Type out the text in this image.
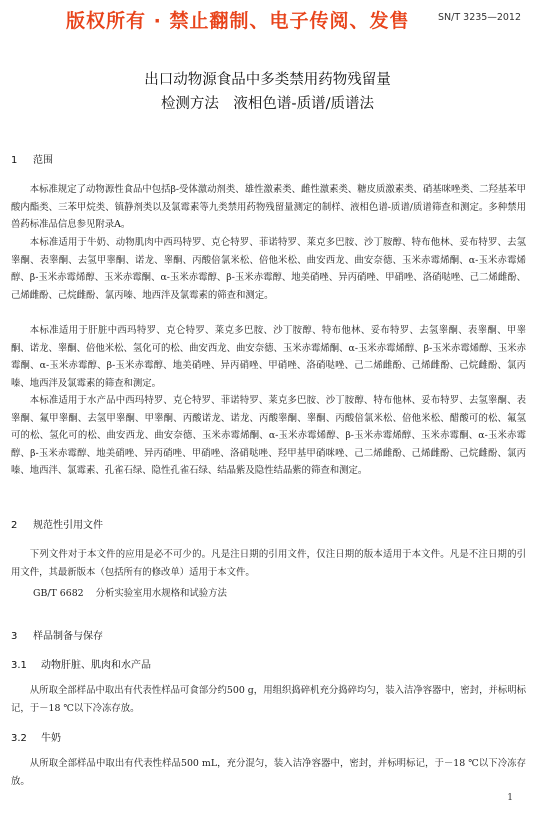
SN/T 3235—2012
版权所有 · 禁止翻制、电子传阅、发售
出口动物源食品中多类禁用药物残留量
检测方法　液相色谱-质谱/质谱法
1 范围

本标准规定了动物源性食品中包括β-受体激动剂类、雄性激素类、雌性激素类、糖皮质激素类、硝基咪唑类、二羟基苯甲酸内酯类、三苯甲烷类、镇静剂类以及氯霉素等九类禁用药物残留量测定的制样、液相色谱-质谱/质谱筛查和测定。多种禁用兽药标准品信息参见附录A。

本标准适用于牛奶、动物肌肉中西玛特罗、克仑特罗、菲诺特罗、莱克多巴胺、沙丁胺醇、特布他林、妥布特罗、去氢睾酮、表睾酮、去氢甲睾酮、诺龙、睾酮、丙酸倍氯米松、倍他米松、曲安西龙、曲安奈德、玉米赤霉烯酮、α-玉米赤霉烯醇、β-玉米赤霉烯醇、玉米赤霉酮、α-玉米赤霉醇、β-玉米赤霉醇、地美硝唑、异丙硝唑、甲硝唑、洛硝哒唑、己二烯雌酚、己烯雌酚、己烷雌酚、氯丙嗪、地西泮及氯霉素的筛查和测定。

本标准适用于肝脏中西玛特罗、克仑特罗、莱克多巴胺、沙丁胺醇、特布他林、妥布特罗、去氢睾酮、表睾酮、甲睾酮、诺龙、睾酮、倍他米松、氢化可的松、曲安西龙、曲安奈德、玉米赤霉烯酮、α-玉米赤霉烯醇、β-玉米赤霉烯醇、玉米赤霉酮、α-玉米赤霉醇、β-玉米赤霉醇、地美硝唑、异丙硝唑、甲硝唑、洛硝哒唑、己二烯雌酚、己烯雌酚、己烷雌酚、氯丙嗪、地西泮及氯霉素的筛查和测定。

本标准适用于水产品中西玛特罗、克仑特罗、菲诺特罗、莱克多巴胺、沙丁胺醇、特布他林、妥布特罗、去氢睾酮、表睾酮、氟甲睾酮、去氢甲睾酮、甲睾酮、丙酸诺龙、诺龙、丙酸睾酮、睾酮、丙酸倍氯米松、倍他米松、醋酸可的松、氟氢可的松、氢化可的松、曲安西龙、曲安奈德、玉米赤霉烯酮、α-玉米赤霉烯醇、β-玉米赤霉烯醇、玉米赤霉酮、α-玉米赤霉醇、β-玉米赤霉醇、地美硝唑、异丙硝唑、甲硝唑、洛硝哒唑、羟甲基甲硝咪唑、己二烯雌酚、己烯雌酚、己烷雌酚、氯丙嗪、地西泮、氯霉素、孔雀石绿、隐性孔雀石绿、结晶紫及隐性结晶紫的筛查和测定。

2 规范性引用文件

下列文件对于本文件的应用是必不可少的。凡是注日期的引用文件，仅注日期的版本适用于本文件。凡是不注日期的引用文件，其最新版本（包括所有的修改单）适用于本文件。

GB/T 6682 分析实验室用水规格和试验方法
3 样品制备与保存
3.1 动物肝脏、肌肉和水产品

从所取全部样品中取出有代表性样品可食部分约500 g，用组织捣碎机充分捣碎均匀，装入洁净容器中，密封，并标明标记，于－18 ℃以下冷冻存放。

3.2 牛奶

从所取全部样品中取出有代表性样品500 mL，充分混匀，装入洁净容器中，密封，并标明标记，于－18 ℃以下冷冻存放。

1
